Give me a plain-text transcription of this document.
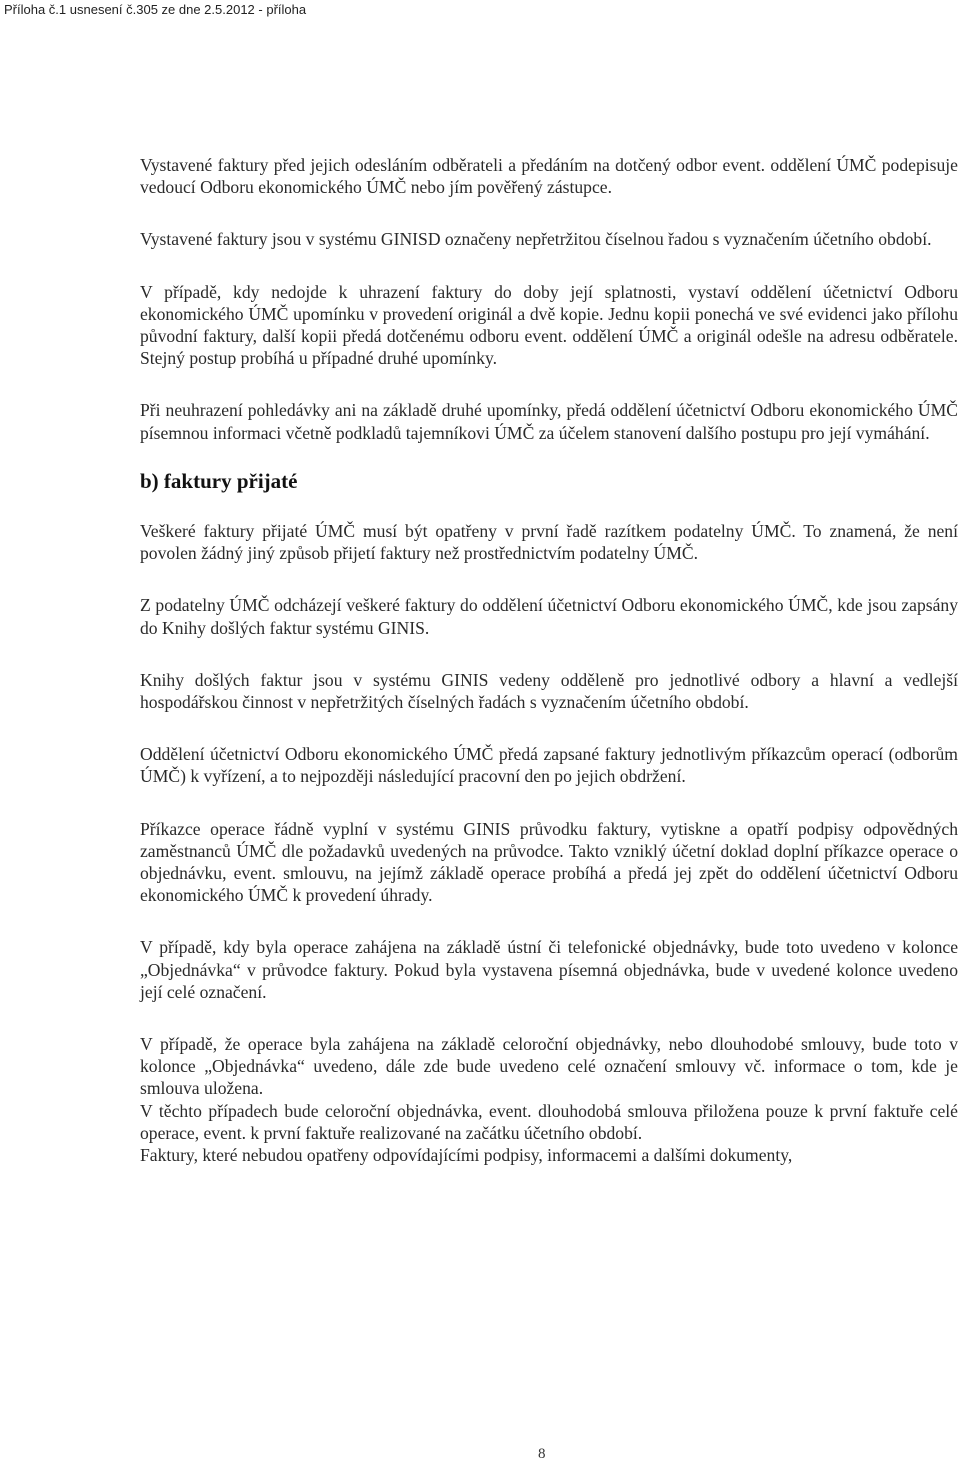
Příloha č.1 usnesení č.305 ze dne 2.5.2012 - příloha

Vystavené faktury před jejich odesláním odběrateli a předáním na dotčený odbor event. oddělení ÚMČ podepisuje vedoucí Odboru ekonomického ÚMČ nebo jím pověřený zástupce.

Vystavené faktury jsou v systému GINISD označeny nepřetržitou číselnou řadou s vyznačením účetního období.

V případě, kdy nedojde k uhrazení faktury do doby její splatnosti, vystaví oddělení účetnictví Odboru ekonomického ÚMČ upomínku v provedení originál a dvě kopie. Jednu kopii ponechá ve své evidenci jako přílohu původní faktury, další kopii předá dotčenému odboru event. oddělení ÚMČ a originál odešle na adresu odběratele. Stejný postup probíhá u případné druhé upomínky.

Při neuhrazení pohledávky ani na základě druhé upomínky, předá oddělení účetnictví Odboru ekonomického ÚMČ písemnou informaci včetně podkladů tajemníkovi ÚMČ za účelem stanovení dalšího postupu pro její vymáhání.

b) faktury přijaté

Veškeré faktury přijaté ÚMČ musí být opatřeny v první řadě razítkem podatelny ÚMČ. To znamená, že není povolen žádný jiný způsob přijetí faktury než prostřednictvím podatelny ÚMČ.

Z podatelny ÚMČ odcházejí veškeré faktury do oddělení účetnictví Odboru ekonomického ÚMČ, kde jsou zapsány do Knihy došlých faktur systému GINIS.

Knihy došlých faktur jsou v systému GINIS vedeny odděleně pro jednotlivé odbory a hlavní a vedlejší hospodářskou činnost v nepřetržitých číselných řadách s vyznačením účetního období.

Oddělení účetnictví Odboru ekonomického ÚMČ předá zapsané faktury jednotlivým příkazcům operací (odborům ÚMČ) k vyřízení, a to nejpozději následující pracovní den po jejich obdržení.

Příkazce operace řádně vyplní v systému GINIS průvodku faktury, vytiskne a opatří podpisy odpovědných zaměstnanců ÚMČ dle požadavků uvedených na průvodce. Takto vzniklý účetní doklad doplní příkazce operace o objednávku, event. smlouvu, na jejímž základě operace probíhá a předá jej zpět do oddělení účetnictví Odboru ekonomického ÚMČ k provedení úhrady.

V případě, kdy byla operace zahájena na základě ústní či telefonické objednávky, bude toto uvedeno v kolonce „Objednávka“ v průvodce faktury. Pokud byla vystavena písemná objednávka, bude v uvedené kolonce uvedeno její celé označení.

V případě, že operace byla zahájena na základě celoroční objednávky, nebo dlouhodobé smlouvy, bude toto v kolonce „Objednávka“ uvedeno, dále zde bude uvedeno celé označení smlouvy vč. informace o tom, kde je smlouva uložena.

V těchto případech bude celoroční objednávka, event. dlouhodobá smlouva přiložena pouze k první faktuře celé operace, event. k první faktuře realizované na začátku účetního období.

Faktury, které nebudou opatřeny odpovídajícími podpisy, informacemi a dalšími dokumenty,

8
